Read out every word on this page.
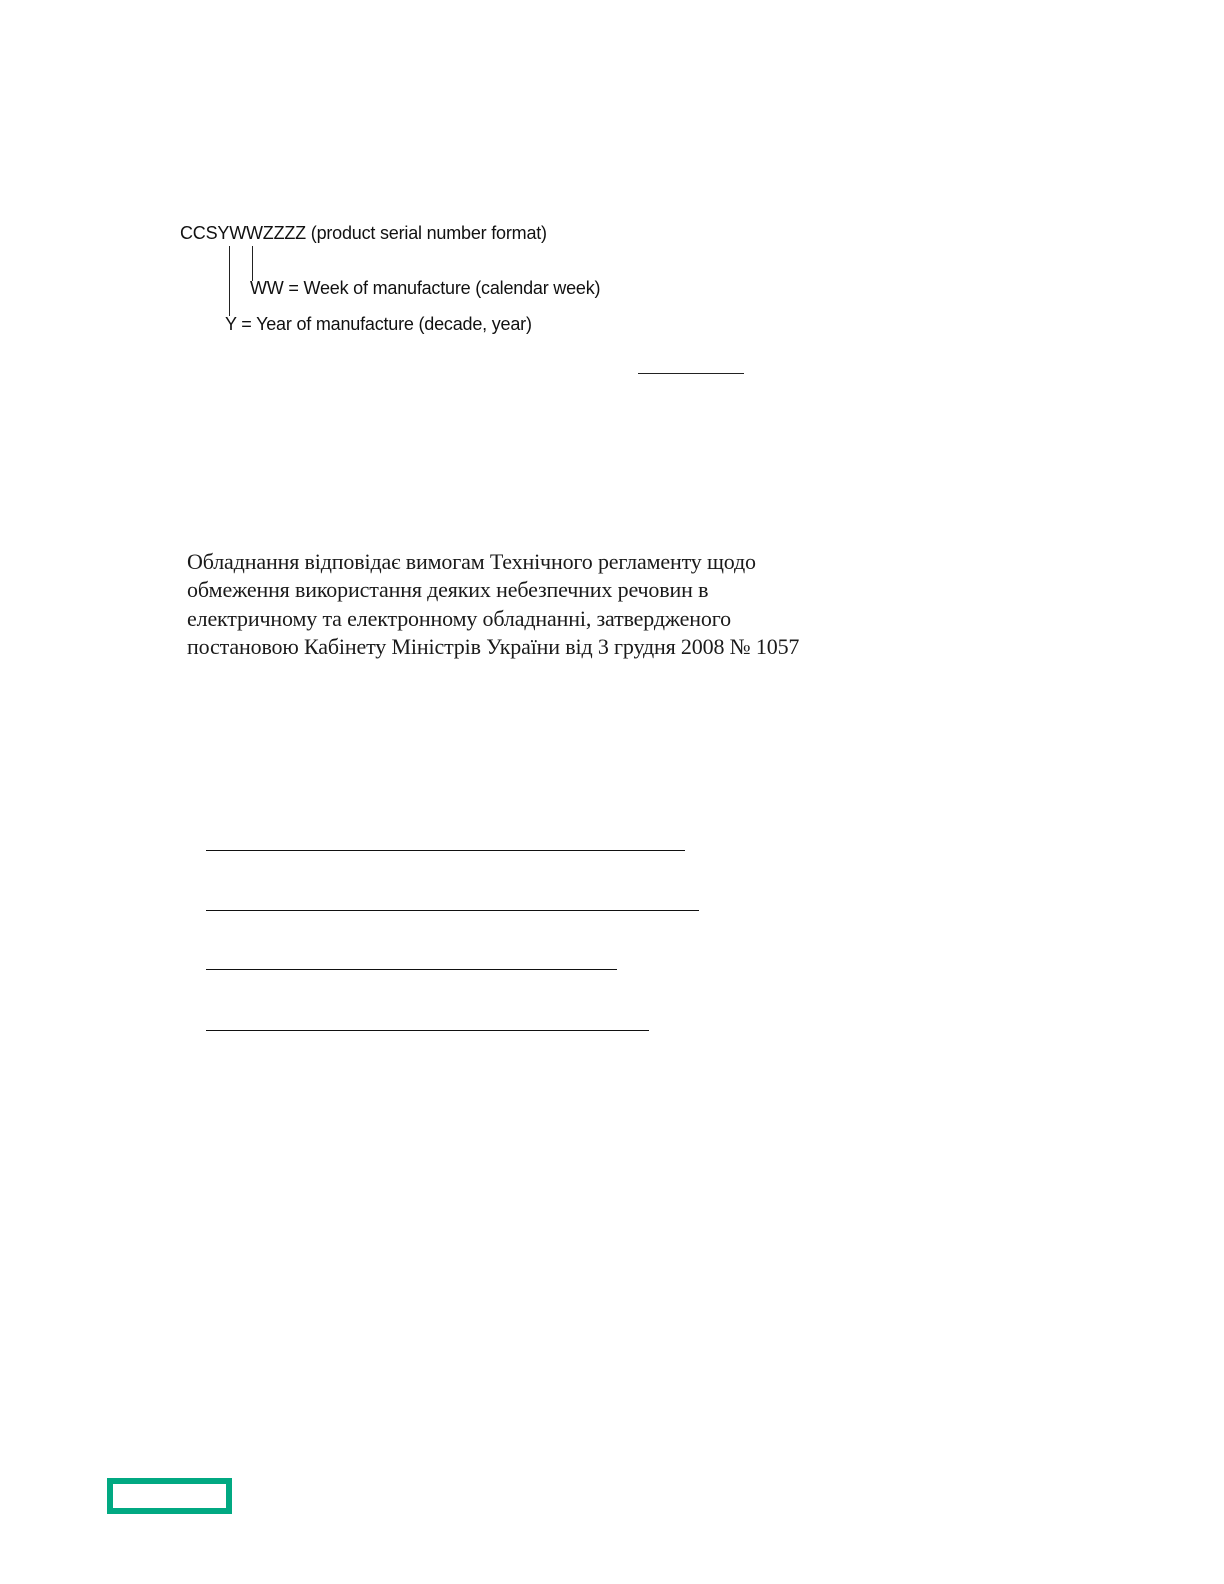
CCSYWWZZZZ (product serial number format)
WW = Week of manufacture (calendar week)
Y = Year of manufacture (decade, year)
Обладнання відповідає вимогам Технічного регламенту щодо
обмеження використання деяких небезпечних речовин в
електричному та електронному обладнанні, затвердженого
постановою Кабінету Міністрів України від 3 грудня 2008 № 1057
